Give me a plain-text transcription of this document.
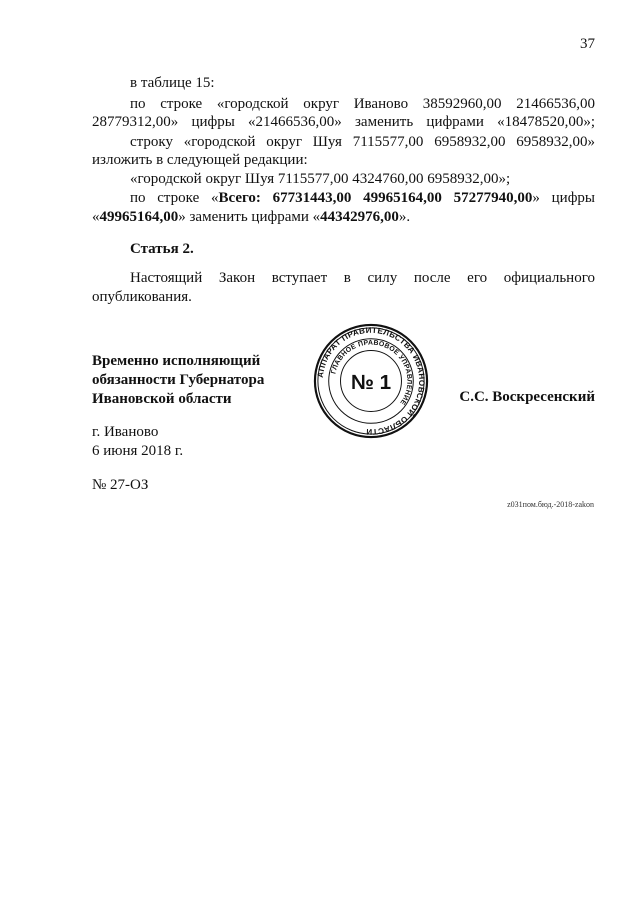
37
в таблице 15:
по строке «городской округ Иваново 38592960,00 21466536,00
28779312,00» цифры «21466536,00» заменить цифрами «18478520,00»;
строку «городской округ Шуя 7115577,00 6958932,00 6958932,00»
изложить в следующей редакции:
«городской округ Шуя 7115577,00 4324760,00 6958932,00»;
по строке «Всего: 67731443,00 49965164,00 57277940,00» цифры
«49965164,00» заменить цифрами «44342976,00».
Статья 2.
Настоящий Закон вступает в силу после его официального
опубликования.
Временно исполняющий
обязанности Губернатора
Ивановской области
АППАРАТ ПРАВИТЕЛЬСТВА ИВАНОВСКОЙ ОБЛАСТИ
ГЛАВНОЕ ПРАВОВОЕ УПРАВЛЕНИЕ
№ 1
С.С. Воскресенский
г. Иваново
6 июня 2018 г.
№ 27-ОЗ
z031пом.бюд.-2018-zakon
